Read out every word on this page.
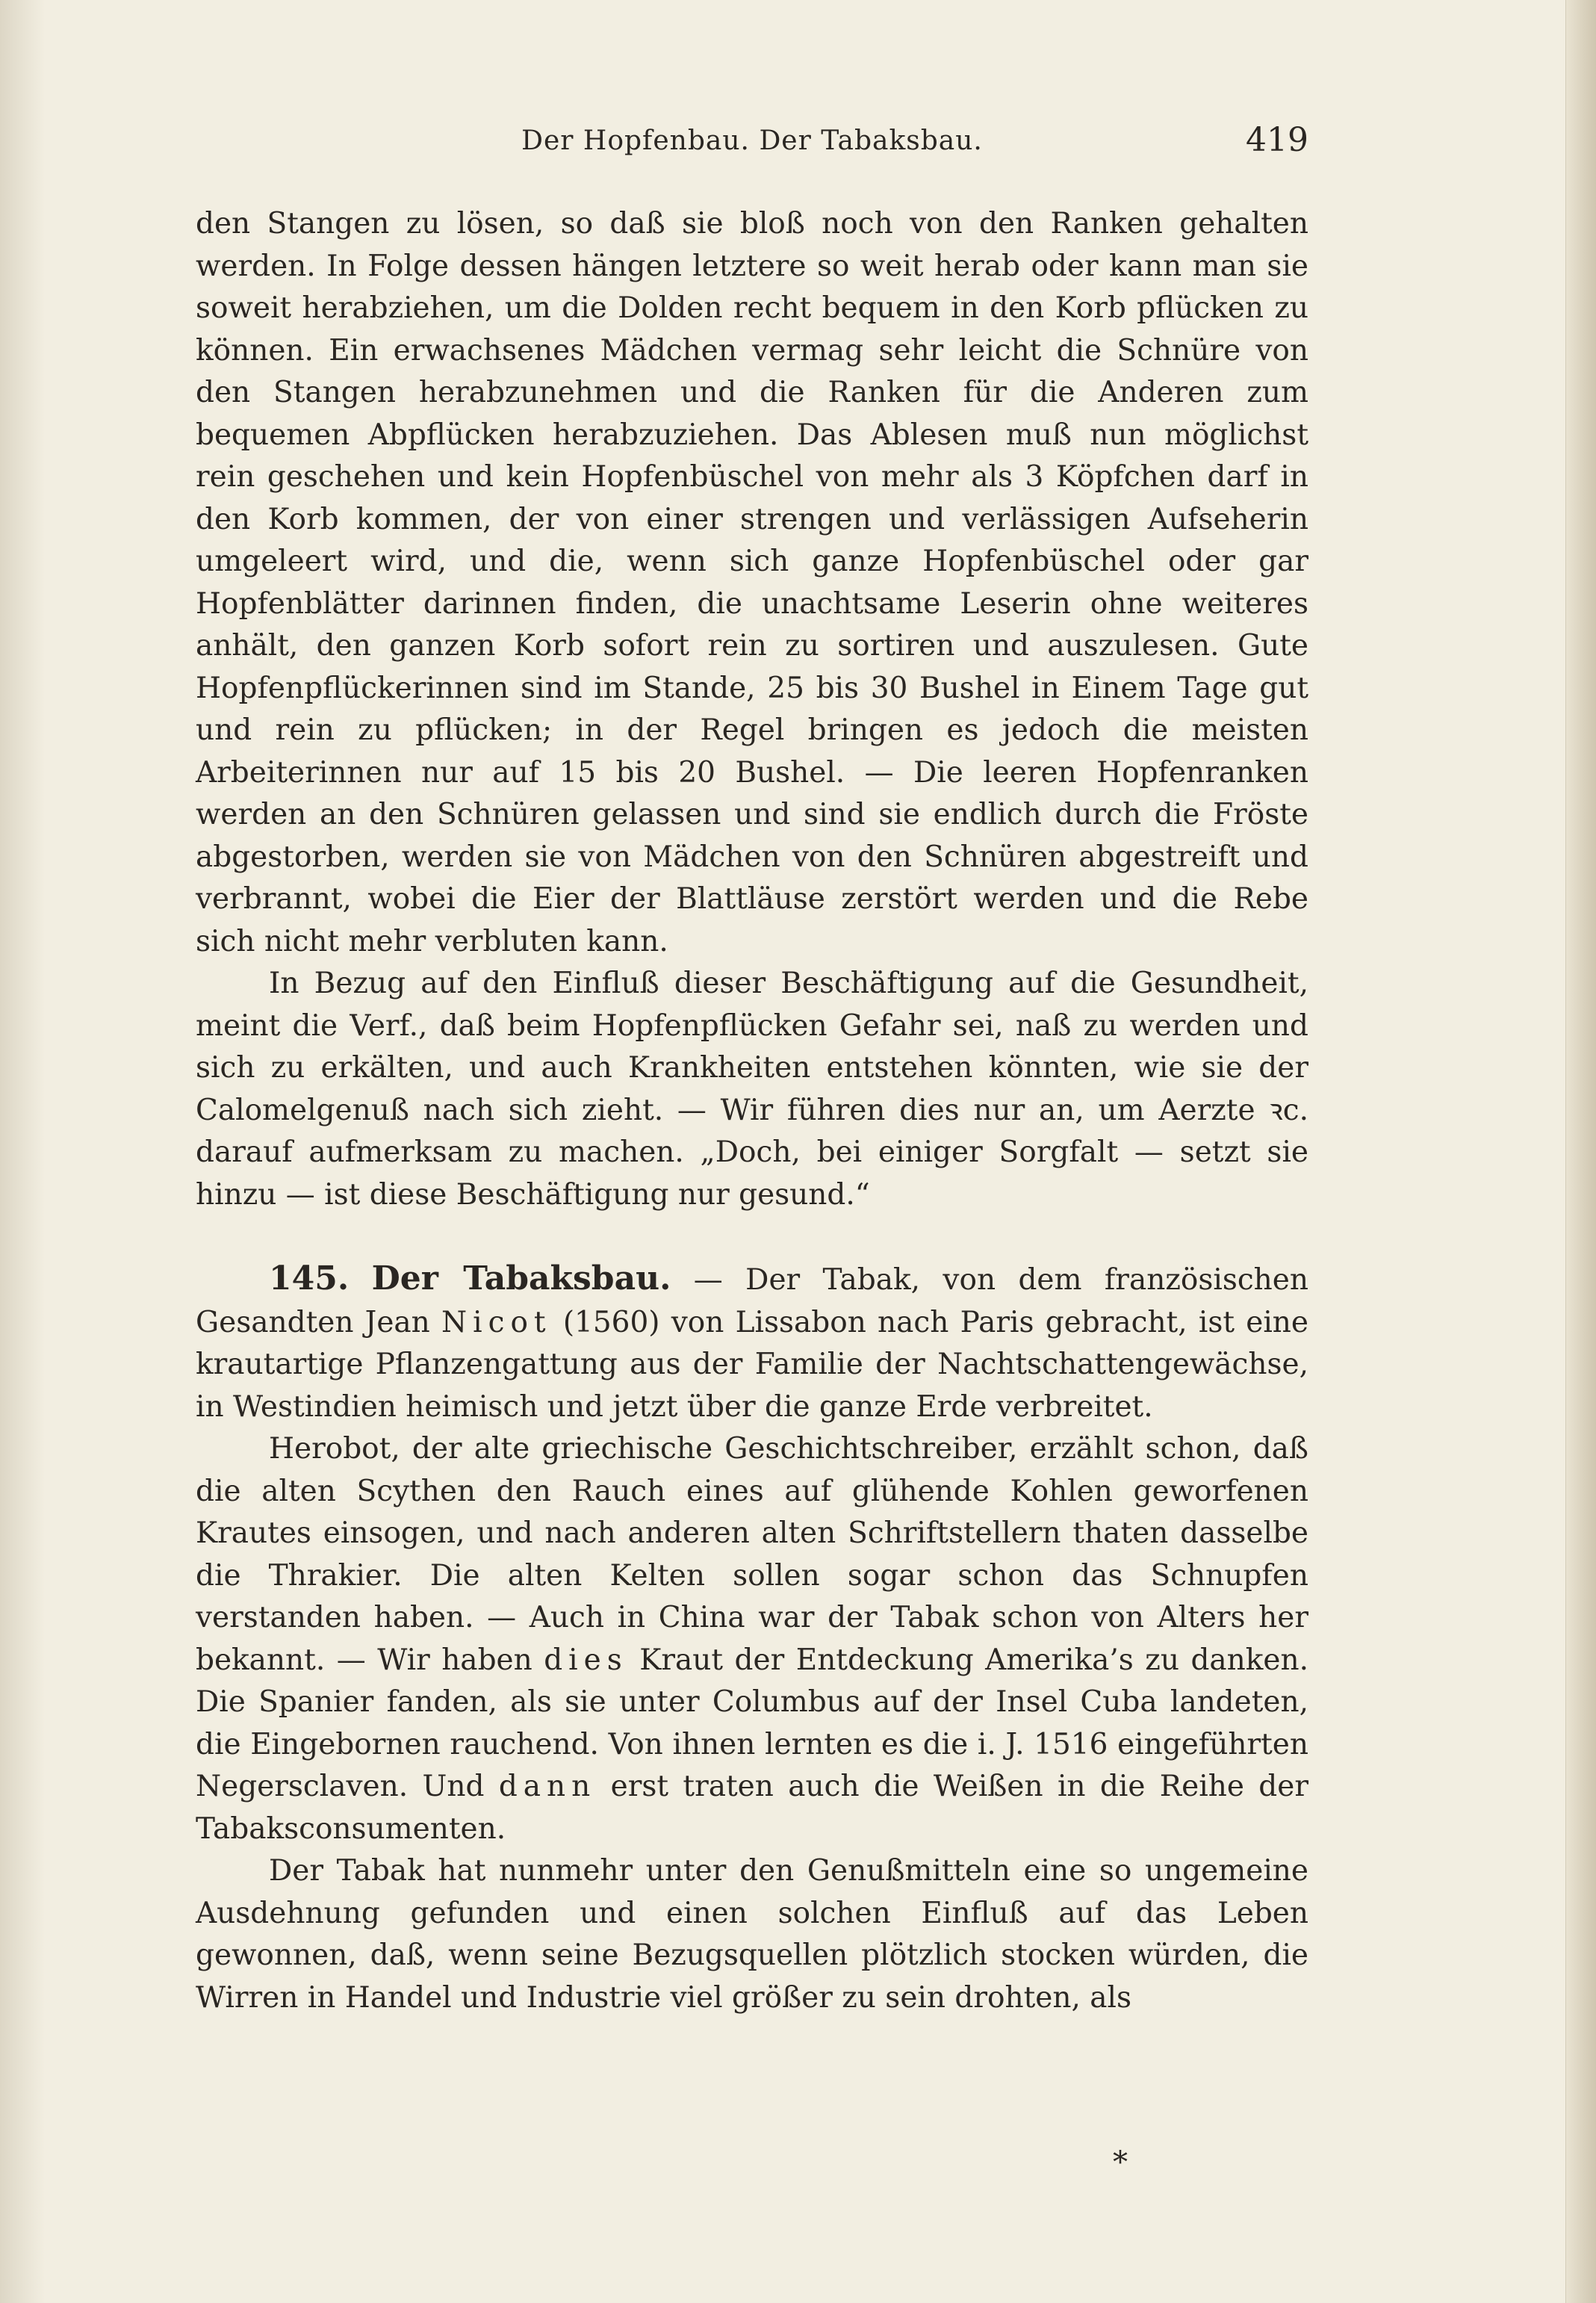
Der Hopfenbau. Der Tabaksbau.	419

den Stangen zu lösen, so daß sie bloß noch von den Ranken gehalten werden. In Folge dessen hängen letztere so weit herab oder kann man sie soweit herabziehen, um die Dolden recht bequem in den Korb pflücken zu können. Ein erwachsenes Mädchen vermag sehr leicht die Schnüre von den Stangen herabzunehmen und die Ranken für die Anderen zum bequemen Abpflücken herabzuziehen. Das Ablesen muß nun möglichst rein geschehen und kein Hopfenbüschel von mehr als 3 Köpfchen darf in den Korb kommen, der von einer strengen und verlässigen Aufseherin umgeleert wird, und die, wenn sich ganze Hopfenbüschel oder gar Hopfenblätter darinnen finden, die unachtsame Leserin ohne weiteres anhält, den ganzen Korb sofort rein zu sortiren und auszulesen. Gute Hopfenpflückerinnen sind im Stande, 25 bis 30 Bushel in Einem Tage gut und rein zu pflücken; in der Regel bringen es jedoch die meisten Arbeiterinnen nur auf 15 bis 20 Bushel. — Die leeren Hopfenranken werden an den Schnüren gelassen und sind sie endlich durch die Fröste abgestorben, werden sie von Mädchen von den Schnüren abgestreift und verbrannt, wobei die Eier der Blattläuse zerstört werden und die Rebe sich nicht mehr verbluten kann.

In Bezug auf den Einfluß dieser Beschäftigung auf die Gesundheit, meint die Verf., daß beim Hopfenpflücken Gefahr sei, naß zu werden und sich zu erkälten, und auch Krankheiten entstehen könnten, wie sie der Calomelgenuß nach sich zieht. — Wir führen dies nur an, um Aerzte ꝛc. darauf aufmerksam zu machen. „Doch, bei einiger Sorgfalt — setzt sie hinzu — ist diese Beschäftigung nur gesund.“

145. Der Tabaksbau. — Der Tabak, von dem französischen Gesandten Jean Nicot (1560) von Lissabon nach Paris gebracht, ist eine krautartige Pflanzengattung aus der Familie der Nachtschattengewächse, in Westindien heimisch und jetzt über die ganze Erde verbreitet.

Herobot, der alte griechische Geschichtschreiber, erzählt schon, daß die alten Scythen den Rauch eines auf glühende Kohlen geworfenen Krautes einsogen, und nach anderen alten Schriftstellern thaten dasselbe die Thrakier. Die alten Kelten sollen sogar schon das Schnupfen verstanden haben. — Auch in China war der Tabak schon von Alters her bekannt. — Wir haben dies Kraut der Entdeckung Amerika’s zu danken. Die Spanier fanden, als sie unter Columbus auf der Insel Cuba landeten, die Eingebornen rauchend. Von ihnen lernten es die i. J. 1516 eingeführten Negersclaven. Und dann erst traten auch die Weißen in die Reihe der Tabaksconsumenten.

Der Tabak hat nunmehr unter den Genußmitteln eine so ungemeine Ausdehnung gefunden und einen solchen Einfluß auf das Leben gewonnen, daß, wenn seine Bezugsquellen plötzlich stocken würden, die Wirren in Handel und Industrie viel größer zu sein drohten, als

*
